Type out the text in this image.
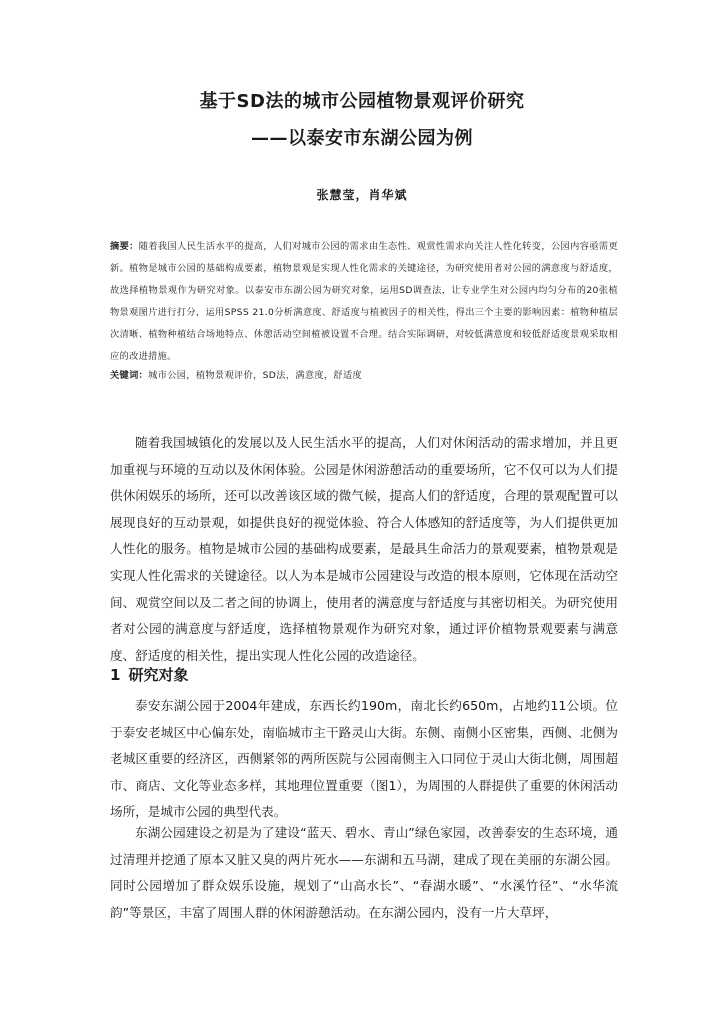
基于SD法的城市公园植物景观评价研究
——以泰安市东湖公园为例
张慧莹，肖华斌

摘要：随着我国人民生活水平的提高，人们对城市公园的需求由生态性、观赏性需求向关注人性化转变，公园内容亟需更新。植物是城市公园的基础构成要素，植物景观是实现人性化需求的关键途径，为研究使用者对公园的满意度与舒适度，故选择植物景观作为研究对象。以泰安市东湖公园为研究对象，运用SD调查法，让专业学生对公园内均匀分布的20张植物景观图片进行打分，运用SPSS 21.0分析满意度、舒适度与植被因子的相关性，得出三个主要的影响因素：植物种植层次清晰、植物种植结合场地特点、休憩活动空间植被设置不合理。结合实际调研，对较低满意度和较低舒适度景观采取相应的改进措施。

关键词：城市公园，植物景观评价，SD法，满意度，舒适度

随着我国城镇化的发展以及人民生活水平的提高，人们对休闲活动的需求增加，并且更加重视与环境的互动以及休闲体验。公园是休闲游憩活动的重要场所，它不仅可以为人们提供休闲娱乐的场所，还可以改善该区域的微气候，提高人们的舒适度，合理的景观配置可以展现良好的互动景观，如提供良好的视觉体验、符合人体感知的舒适度等，为人们提供更加人性化的服务。植物是城市公园的基础构成要素，是最具生命活力的景观要素，植物景观是实现人性化需求的关键途径。以人为本是城市公园建设与改造的根本原则，它体现在活动空间、观赏空间以及二者之间的协调上，使用者的满意度与舒适度与其密切相关。为研究使用者对公园的满意度与舒适度，选择植物景观作为研究对象，通过评价植物景观要素与满意度、舒适度的相关性，提出实现人性化公园的改造途径。

1 研究对象

泰安东湖公园于2004年建成，东西长约190m，南北长约650m，占地约11公顷。位于泰安老城区中心偏东处，南临城市主干路灵山大街。东侧、南侧小区密集，西侧、北侧为老城区重要的经济区，西侧紧邻的两所医院与公园南侧主入口同位于灵山大街北侧，周围超市、商店、文化等业态多样，其地理位置重要（图1），为周围的人群提供了重要的休闲活动场所，是城市公园的典型代表。

东湖公园建设之初是为了建设“蓝天、碧水、青山”绿色家园，改善泰安的生态环境，通过清理并挖通了原本又脏又臭的两片死水——东湖和五马湖，建成了现在美丽的东湖公园。同时公园增加了群众娱乐设施，规划了“山高水长”、“春湖水暖”、“水溪竹径”、“水华流韵”等景区，丰富了周围人群的休闲游憩活动。在东湖公园内，没有一片大草坪，
